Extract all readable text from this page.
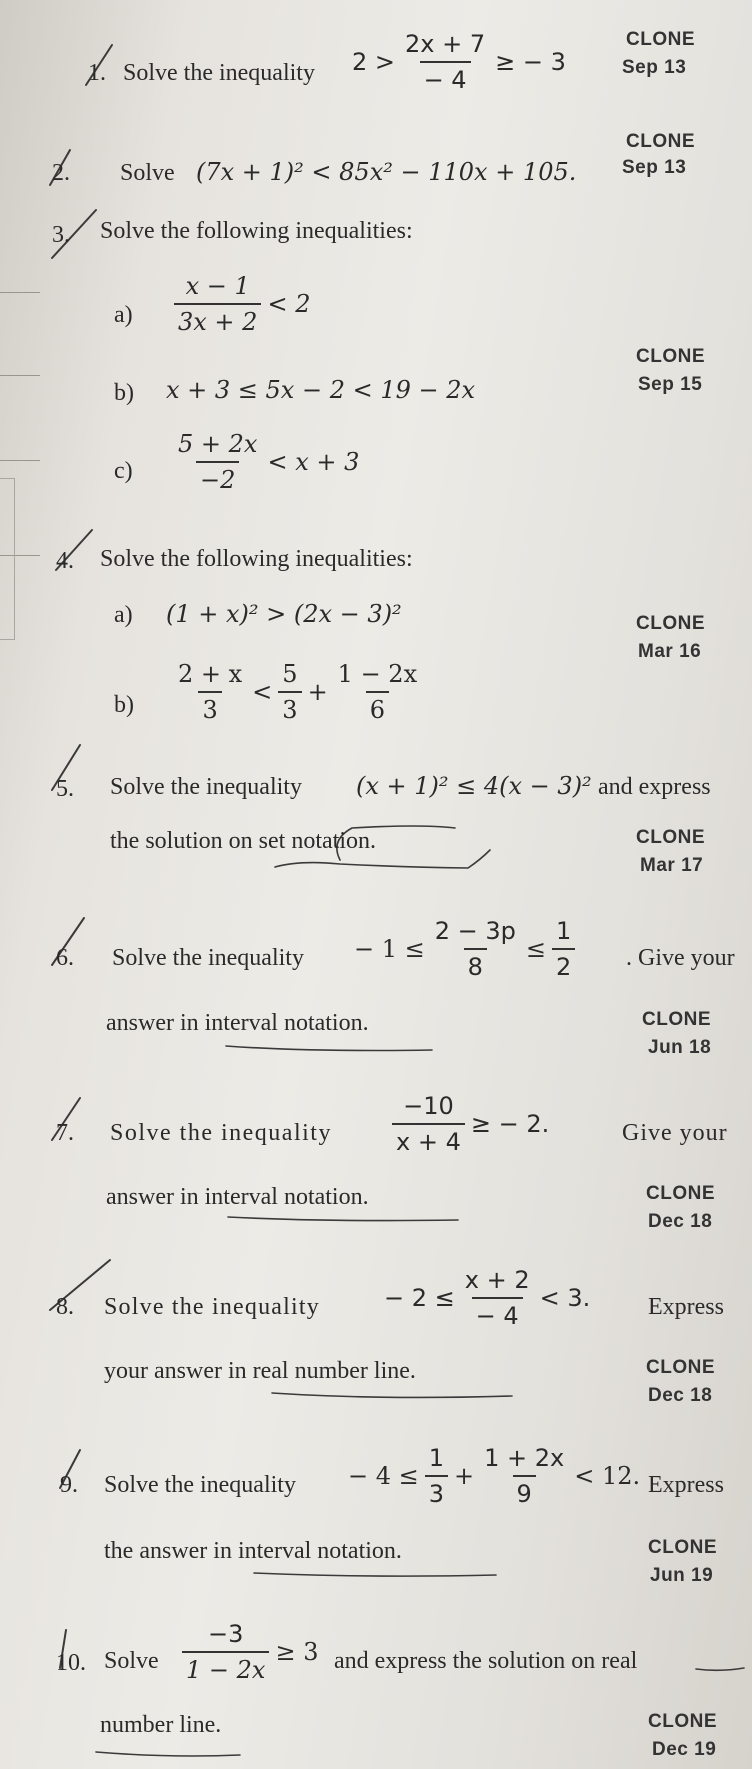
1. Solve the inequality $2 > \frac{2x + 7}{- 4}$ ≥ − 3
CLONE
Sep 13
2. Solve (7x + 1)² < 85x² − 110x + 105.
CLONE
Sep 13
3. Solve the following inequalities:
$a) \frac{x - 1}{3x + 2} < 2$
b) x + 3 ≤ 5x − 2 < 19 − 2x
$c) \frac{5 + 2x}{-2} < x + 3$
CLONE
Sep 15
4. Solve the following inequalities:
a) (1 + x)² > (2x − 3)²
$b) \frac{2 + x}{3} < \frac{5}{3} + \frac{1 - 2x}{6}$
CLONE
Mar 16
5. Solve the inequality (x + 1)² ≤ 4(x − 3)² and express
the solution on set notation.	CLONE
Mar 17
6. Solve the inequality − $1 \le \frac{2 - 3p}{8} \le \frac{1}{2}$ . Give your
answer in interval notation.	CLONE
Jun 18
7. Solve the inequality	$\frac{-10}{x + 4}$ ≥ − 2.	Give your
answer in interval notation.	CLONE
Dec 18
8. Solve the inequality	− $2 \le \frac{x + 2}{- 4} < 3$. Express
your answer in real number line.	CLONE
Dec 18
9. Solve the inequality − $4 \le \frac{1}{3} + \frac{1 + 2x}{9} < 12$. Express
the answer in interval notation.	CLONE
Jun 19
10. Solve $\frac{-3}{1 - 2x} \ge 3$ and express the solution on real
number line.	CLONE
Dec 19
